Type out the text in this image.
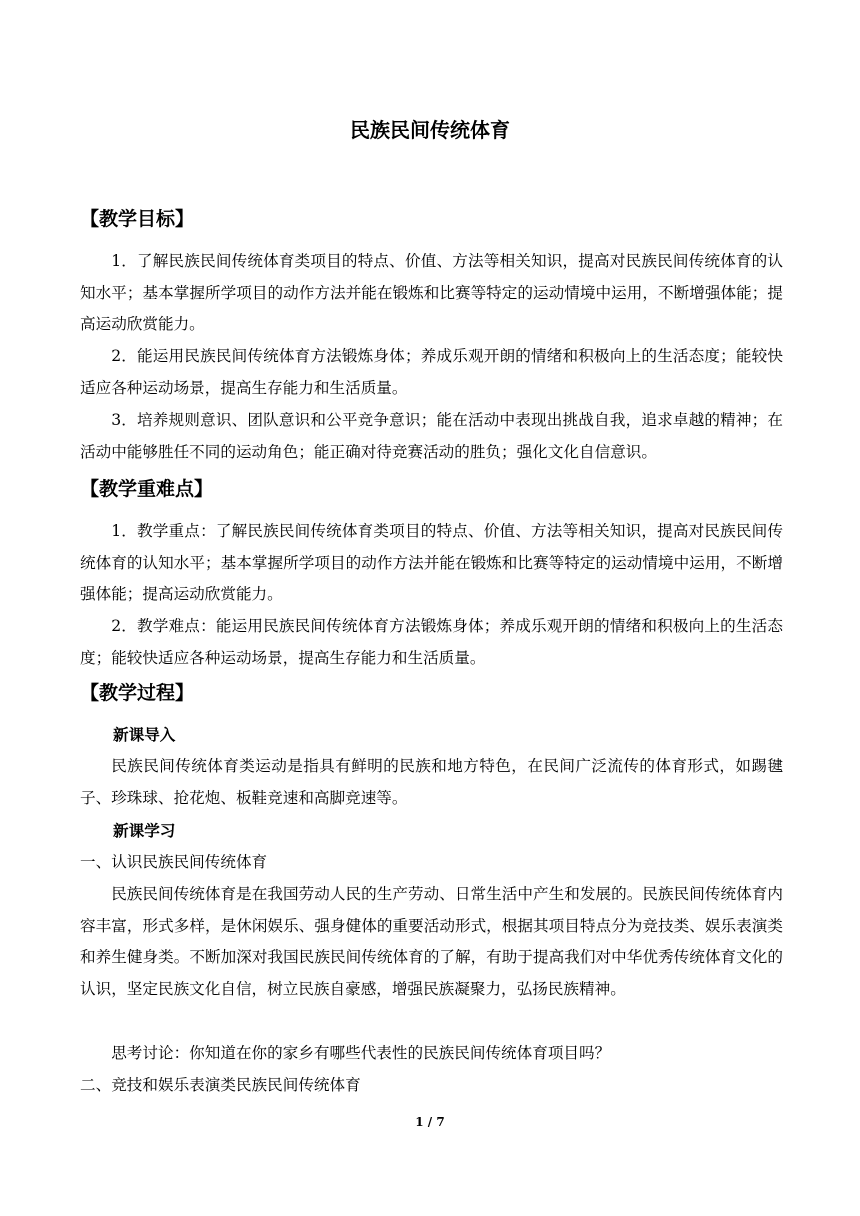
民族民间传统体育
【教学目标】

1．了解民族民间传统体育类项目的特点、价值、方法等相关知识，提高对民族民间传统体育的认知水平；基本掌握所学项目的动作方法并能在锻炼和比赛等特定的运动情境中运用，不断增强体能；提高运动欣赏能力。

2．能运用民族民间传统体育方法锻炼身体；养成乐观开朗的情绪和积极向上的生活态度；能较快适应各种运动场景，提高生存能力和生活质量。

3．培养规则意识、团队意识和公平竞争意识；能在活动中表现出挑战自我，追求卓越的精神；在活动中能够胜任不同的运动角色；能正确对待竞赛活动的胜负；强化文化自信意识。

【教学重难点】

1．教学重点：了解民族民间传统体育类项目的特点、价值、方法等相关知识，提高对民族民间传统体育的认知水平；基本掌握所学项目的动作方法并能在锻炼和比赛等特定的运动情境中运用，不断增强体能；提高运动欣赏能力。

2．教学难点：能运用民族民间传统体育方法锻炼身体；养成乐观开朗的情绪和积极向上的生活态度；能较快适应各种运动场景，提高生存能力和生活质量。

【教学过程】
新课导入

民族民间传统体育类运动是指具有鲜明的民族和地方特色，在民间广泛流传的体育形式，如踢毽子、珍珠球、抢花炮、板鞋竞速和高脚竞速等。

新课学习

一、认识民族民间传统体育

民族民间传统体育是在我国劳动人民的生产劳动、日常生活中产生和发展的。民族民间传统体育内容丰富，形式多样，是休闲娱乐、强身健体的重要活动形式，根据其项目特点分为竞技类、娱乐表演类和养生健身类。不断加深对我国民族民间传统体育的了解，有助于提高我们对中华优秀传统体育文化的认识，坚定民族文化自信，树立民族自豪感，增强民族凝聚力，弘扬民族精神。

思考讨论：你知道在你的家乡有哪些代表性的民族民间传统体育项目吗？

二、竞技和娱乐表演类民族民间传统体育

1 / 7
